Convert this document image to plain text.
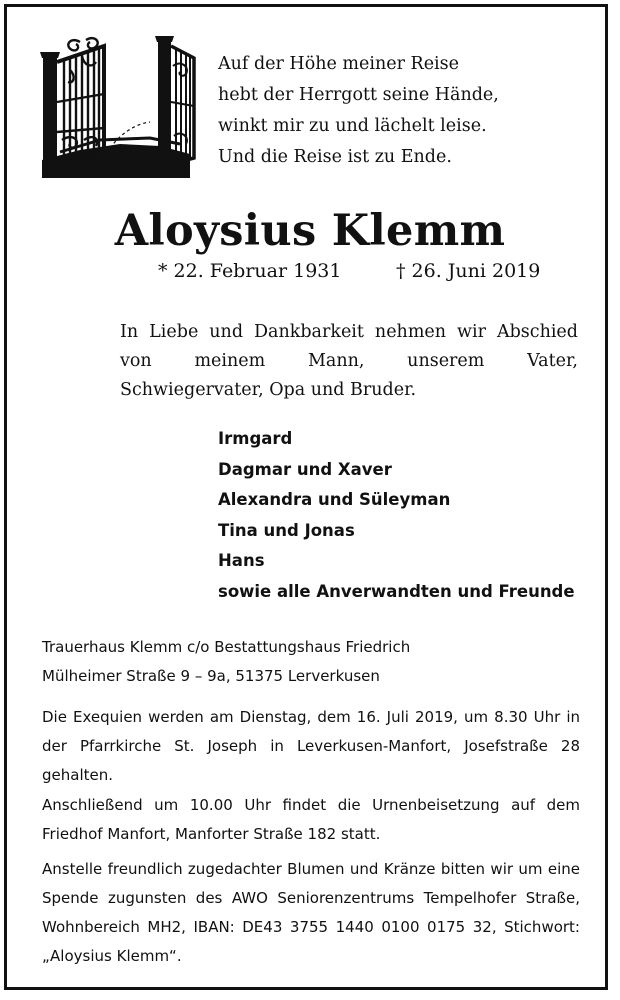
Auf der Höhe meiner Reise
hebt der Herrgott seine Hände,
winkt mir zu und lächelt leise.
Und die Reise ist zu Ende.
Aloysius Klemm
* 22. Februar 1931	† 26. Juni 2019
In Liebe und Dankbarkeit nehmen wir Abschied von meinem Mann, unserem Vater, Schwiegervater, Opa und Bruder.
Irmgard
Dagmar und Xaver
Alexandra und Süleyman
Tina und Jonas
Hans
sowie alle Anverwandten und Freunde
Trauerhaus Klemm c/o Bestattungshaus Friedrich
Mülheimer Straße 9 – 9a, 51375 Lerverkusen
Die Exequien werden am Dienstag, dem 16. Juli 2019, um 8.30 Uhr in der Pfarrkirche St. Joseph in Leverkusen-Manfort, Josefstraße 28 gehalten.
Anschließend um 10.00 Uhr findet die Urnenbeisetzung auf dem Friedhof Manfort, Manforter Straße 182 statt.
Anstelle freundlich zugedachter Blumen und Kränze bitten wir um eine Spende zugunsten des AWO Seniorenzentrums Tempelhofer Straße, Wohnbereich MH2, IBAN: DE43 3755 1440 0100 0175 32, Stichwort: „Aloysius Klemm“.
